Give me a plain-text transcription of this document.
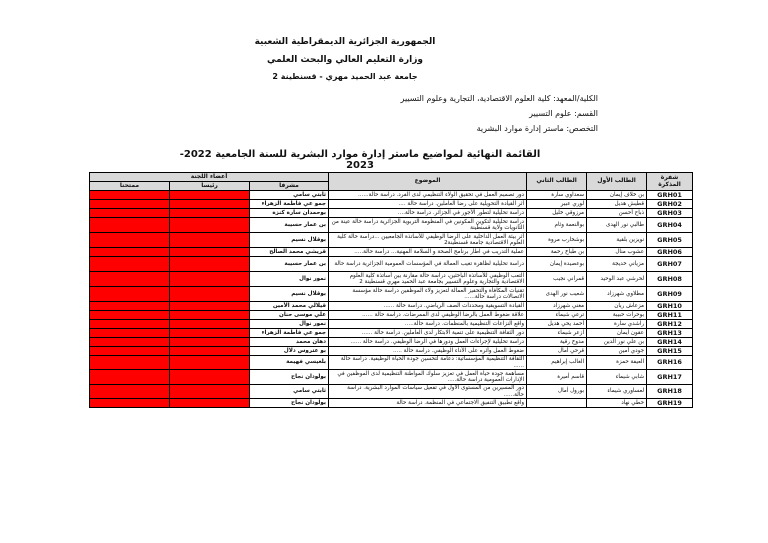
الجمهورية الجزائرية الديمقراطية الشعبية
وزارة التعليم العالي والبحث العلمي
جامعة عبد الحميد مهري - قسنطينة 2
الكلية/المعهد: كلية العلوم الاقتصادية، التجارية وعلوم التسيير
القسم: علوم التسيير
التخصص: ماستر إدارة موارد البشرية
القائمة النهائية لمواضيع ماستر إدارة موارد البشرية للسنة الجامعية 2022-2023
شفرة المذكرة	الطالب الأول	الطالب الثاني	الموضوع	أعضاء اللجنة		
				مشرفا	رئيسا	ممتحنا
GRH01	بن خلاف إيمان	سعداوي سارة	دور تصميم العمل في تحقيق الولاء التنظيمي لدى الفرد. دراسة حالة......	ثابتي سامي		
GRH02	قطيش هديل	لوري عبير	أثر القيادة التحويلية على رضا العاملين. دراسة حالة ....	جمو عي فاطمة الزهراء		
GRH03	ذباح أحسن	مرزوقي خليل	دراسة تحليلية لتطور الأجور في الجزائر. دراسة حالة....	بوحمدان سارة كنزة		
GRH04	طالبي نور الهدى	بوالنعمة وئام	دراسة تحليلية لتكوين المكونين في المنظومة التربوية الجزائرية دراسة حالة عينة من الثانويات ولاية قسنطينة	بن عمار حسيبة		
GRH05	نويزين بلقية	بوشخارب مروة	أثر بيئة العمل الداخلية على الرضا الوظيفي للأساتذة الجامعيين ...دراسة حالة كلية العلوم الاقتصادية جامعة قسنطينة2	بوقلال نسيم		
GRH06	عشوب منال	بن طباخ رحمة	عملية التدريب في اطار برنامج الصحة و السلامة المهنية... دراسة حالة.....	قريشي محمد الصالح		
GRH07	مزياني خديجة	بوعصيدة إيمان	دراسة تحليلية لظاهرة تغيب العمالة في المؤسسات العمومية الجزائرية دراسة حالة	بن عمار حسيبة		
GRH08	لحرشي عبد الوحيد	قمراني نجيب	التعب الوظيفي للأساتذة الباحثين، دراسة حالة مقارنة بين أساتذة كلية العلوم الاقتصادية والتجارية وعلوم التسيير بجامعة عبد الحميد مهري قسنطينة 2	نمور نوال		
GRH09	مطلاوي شهرزاد	شعيب نور الهدى	تقنيات المكافأة والتحفيز العمالة لتعزيز ولاء الموظفين دراسة حالة مؤسسة الاتصالات دراسة حالة......	بوقلال نسيم		
GRH10	مزعاش ريان	مغني شهرزاد	القيادة التسويقية ومحددات الصف الرياضي. دراسة حالة ......	قيلالي محمد الأمين		
GRH11	بوحرات حبيبة	ترعي شيماء	علاقة ضغوط العمل بالرضا الوظيفي لدى الممرضات. دراسة حالة ......	علي موسى حنان		
GRH12	راشدي سارة	أحمد يحي هديل	واقع النزاعات التنظيمية بالمنظمات. دراسة حالة.....	نمور نوال		
GRH13	عقون ايمان	ازعر شيماء	دور الثقافة التنظيمية على تنمية الابتكار لدى العاملين. دراسة حالة ......	جمو عي فاطمة الزهراء		
GRH14	بن علي نور الدين	مدوخ رقية	دراسة تحليلية لإجراءات العمل ودورها في الرضا الوظيفي. دراسة حالة ......	دهان محمد		
GRH15	جودي أمين	قرحي أمال	ضغوط العمل وأثره على الأداء الوظيفي. دراسة حالة .....	بو عتروس دلال		
GRH16	العيفة حمزة	الغالب إبراهيم	الثقافة التنظيمية المؤسساتية: دعامة لتحسين جودة الحياة الوظيفية. دراسة حالة ......	بلعيسي فهيمة		
GRH17	شابي شيماء	قاسم أميرة	مساهمة جودة حياة العمل في تعزيز سلوك المواطنة التنظيمية لدى الموظفين في الإدارات العمومية دراسة حالة.....	بولودان نجاح		
GRH18	لعساوري شيماء	بورول أمال	دور المسيرين من المستوى الأول في تفعيل سياسات الموارد البشرية. دراسة حالة......	ثابتي سامي		
GRH19	حطي نهاد		واقع تطبيق التنفيق الاجتماعي في المنظمة. دراسة حالة	بولودان نجاح		
